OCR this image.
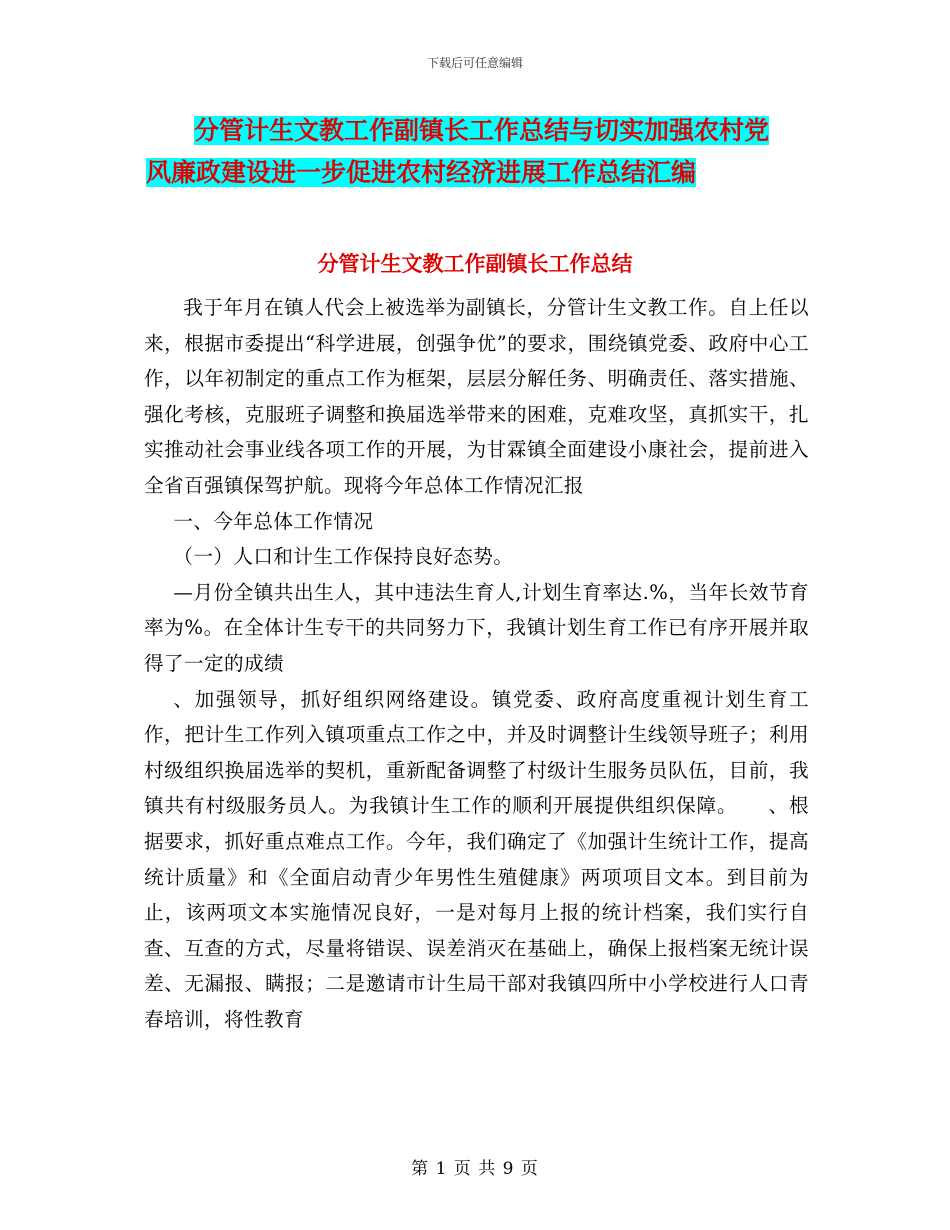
下载后可任意编辑
分管计生文教工作副镇长工作总结与切实加强农村党
风廉政建设进一步促进农村经济进展工作总结汇编
分管计生文教工作副镇长工作总结

我于年月在镇人代会上被选举为副镇长，分管计生文教工作。自上任以来，根据市委提出“科学进展，创强争优”的要求，围绕镇党委、政府中心工作，以年初制定的重点工作为框架，层层分解任务、明确责任、落实措施、强化考核，克服班子调整和换届选举带来的困难，克难攻坚，真抓实干，扎实推动社会事业线各项工作的开展，为甘霖镇全面建设小康社会，提前进入全省百强镇保驾护航。现将今年总体工作情况汇报

一、今年总体工作情况

（一）人口和计生工作保持良好态势。

—月份全镇共出生人，其中违法生育人,计划生育率达.%，当年长效节育率为%。在全体计生专干的共同努力下，我镇计划生育工作已有序开展并取得了一定的成绩

、加强领导，抓好组织网络建设。镇党委、政府高度重视计划生育工作，把计生工作列入镇项重点工作之中，并及时调整计生线领导班子；利用村级组织换届选举的契机，重新配备调整了村级计生服务员队伍，目前，我镇共有村级服务员人。为我镇计生工作的顺利开展提供组织保障。　　、根据要求，抓好重点难点工作。今年，我们确定了《加强计生统计工作，提高统计质量》和《全面启动青少年男性生殖健康》两项项目文本。到目前为止，该两项文本实施情况良好，一是对每月上报的统计档案，我们实行自查、互查的方式，尽量将错误、误差消灭在基础上，确保上报档案无统计误差、无漏报、瞒报；二是邀请市计生局干部对我镇四所中小学校进行人口青春培训，将性教育

第 1 页 共 9 页
